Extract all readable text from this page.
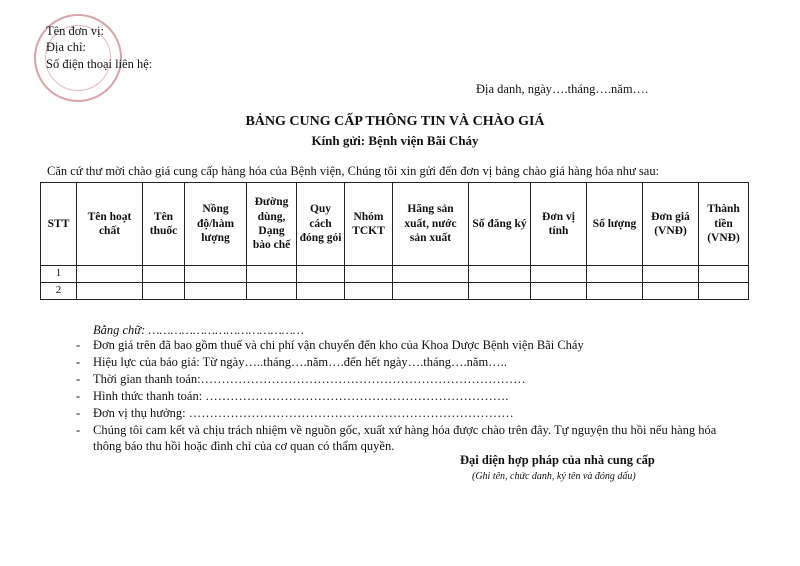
Tên đơn vị:
Địa chỉ:
Số điện thoại liên hệ:
Địa danh, ngày….tháng….năm….
BẢNG CUNG CẤP THÔNG TIN VÀ CHÀO GIÁ
Kính gửi: Bệnh viện Bãi Cháy
Căn cứ thư mời chào giá cung cấp hàng hóa của Bệnh viện, Chúng tôi xin gửi đến đơn vị bảng chào giá hàng hóa như sau:
STT	Tên hoạt chất	Tên thuốc	Nồng độ/hàm lượng	Đường dùng, Dạng bào chế	Quy cách đóng gói	Nhóm TCKT	Hãng sản xuất, nước sản xuất	Số đăng ký	Đơn vị tính	Số lượng	Đơn giá (VNĐ)	Thành tiền (VNĐ)
1												
2												
Bằng chữ: ……………………………………
- Đơn giá trên đã bao gồm thuế và chi phí vận chuyển đến kho của Khoa Dược Bệnh viện Bãi Cháy
- Hiệu lực của báo giá: Từ ngày…..tháng….năm….đến hết ngày….tháng….năm…..
- Thời gian thanh toán:……………………………………………………………………
- Hình thức thanh toán: ……………………………………………………………….
- Đơn vị thụ hưởng: ……………………………………………………………………
- Chúng tôi cam kết và chịu trách nhiệm về nguồn gốc, xuất xứ hàng hóa được chào trên đây. Tự nguyện thu hồi nếu hàng hóa
thông báo thu hồi hoặc đình chỉ của cơ quan có thẩm quyền.
Đại diện hợp pháp của nhà cung cấp
(Ghi tên, chức danh, ký tên và đóng dấu)
